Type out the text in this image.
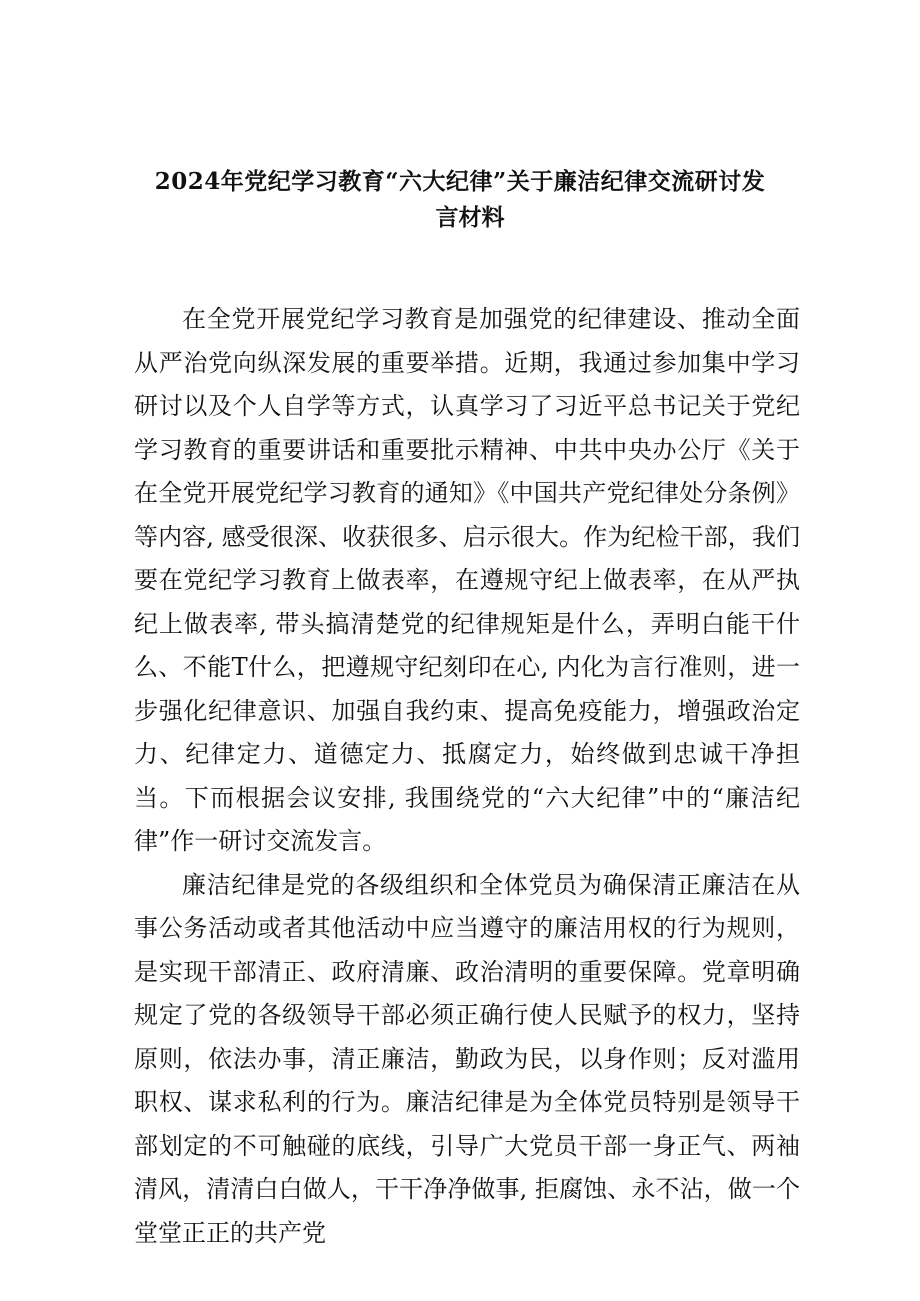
2024年党纪学习教育“六大纪律”关于廉洁纪律交流研讨发
言材料

在全党开展党纪学习教育是加强党的纪律建设、推动全面从严治党向纵深发展的重要举措。近期，我通过参加集中学习研讨以及个人自学等方式，认真学习了习近平总书记关于党纪学习教育的重要讲话和重要批示精神、中共中央办公厅《关于在全党开展党纪学习教育的通知》《中国共产党纪律处分条例》等内容, 感受很深、收获很多、启示很大。作为纪检干部，我们要在党纪学习教育上做表率，在遵规守纪上做表率，在从严执纪上做表率, 带头搞清楚党的纪律规矩是什么，弄明白能干什么、不能T什么，把遵规守纪刻印在心, 内化为言行准则，进一步强化纪律意识、加强自我约束、提高免疫能力，增强政治定力、纪律定力、道德定力、抵腐定力，始终做到忠诚干净担当。下而根据会议安排, 我围绕党的“六大纪律”中的“廉洁纪律”作一研讨交流发言。

廉洁纪律是党的各级组织和全体党员为确保清正廉洁在从事公务活动或者其他活动中应当遵守的廉洁用权的行为规则，是实现干部清正、政府清廉、政治清明的重要保障。党章明确规定了党的各级领导干部必须正确行使人民赋予的权力，坚持原则，依法办事，清正廉洁，勤政为民，以身作则；反对滥用职权、谋求私利的行为。廉洁纪律是为全体党员特别是领导干部划定的不可触碰的底线，引导广大党员干部一身正气、两袖清风，清清白白做人，干干净净做事, 拒腐蚀、永不沾，做一个堂堂正正的共产党
